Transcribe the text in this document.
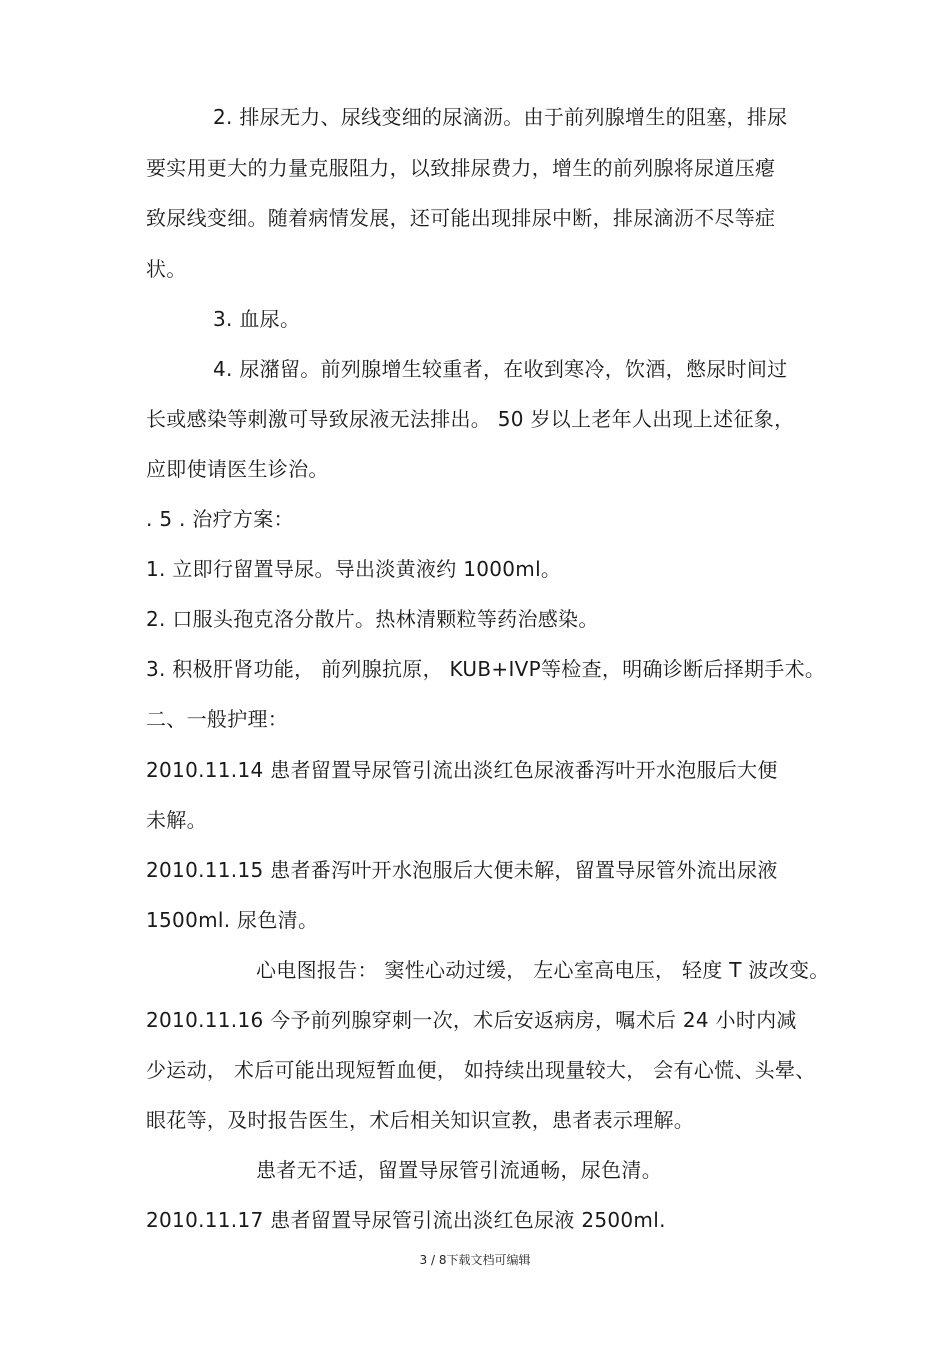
2. 排尿无力、尿线变细的尿滴沥。由于前列腺增生的阻塞，排尿
要实用更大的力量克服阻力，以致排尿费力，增生的前列腺将尿道压瘪
致尿线变细。随着病情发展，还可能出现排尿中断，排尿滴沥不尽等症
状。
3. 血尿。
4. 尿潴留。前列腺增生较重者，在收到寒冷，饮酒，憋尿时间过
长或感染等刺激可导致尿液无法排出。 50 岁以上老年人出现上述征象，
应即使请医生诊治。
. 5 . 治疗方案：
1. 立即行留置导尿。导出淡黄液约 1000ml。
2. 口服头孢克洛分散片。热林清颗粒等药治感染。
3. 积极肝肾功能， 前列腺抗原， KUB+IVP等检查，明确诊断后择期手术。
二、一般护理：
2010.11.14 患者留置导尿管引流出淡红色尿液番泻叶开水泡服后大便
未解。
2010.11.15 患者番泻叶开水泡服后大便未解，留置导尿管外流出尿液
1500ml. 尿色清。
心电图报告： 窦性心动过缓， 左心室高电压， 轻度 T 波改变。
2010.11.16 今予前列腺穿刺一次，术后安返病房，嘱术后 24 小时内减
少运动， 术后可能出现短暂血便， 如持续出现量较大， 会有心慌、头晕、
眼花等，及时报告医生，术后相关知识宣教，患者表示理解。
患者无不适，留置导尿管引流通畅，尿色清。
2010.11.17 患者留置导尿管引流出淡红色尿液 2500ml.
3 / 8下载文档可编辑
